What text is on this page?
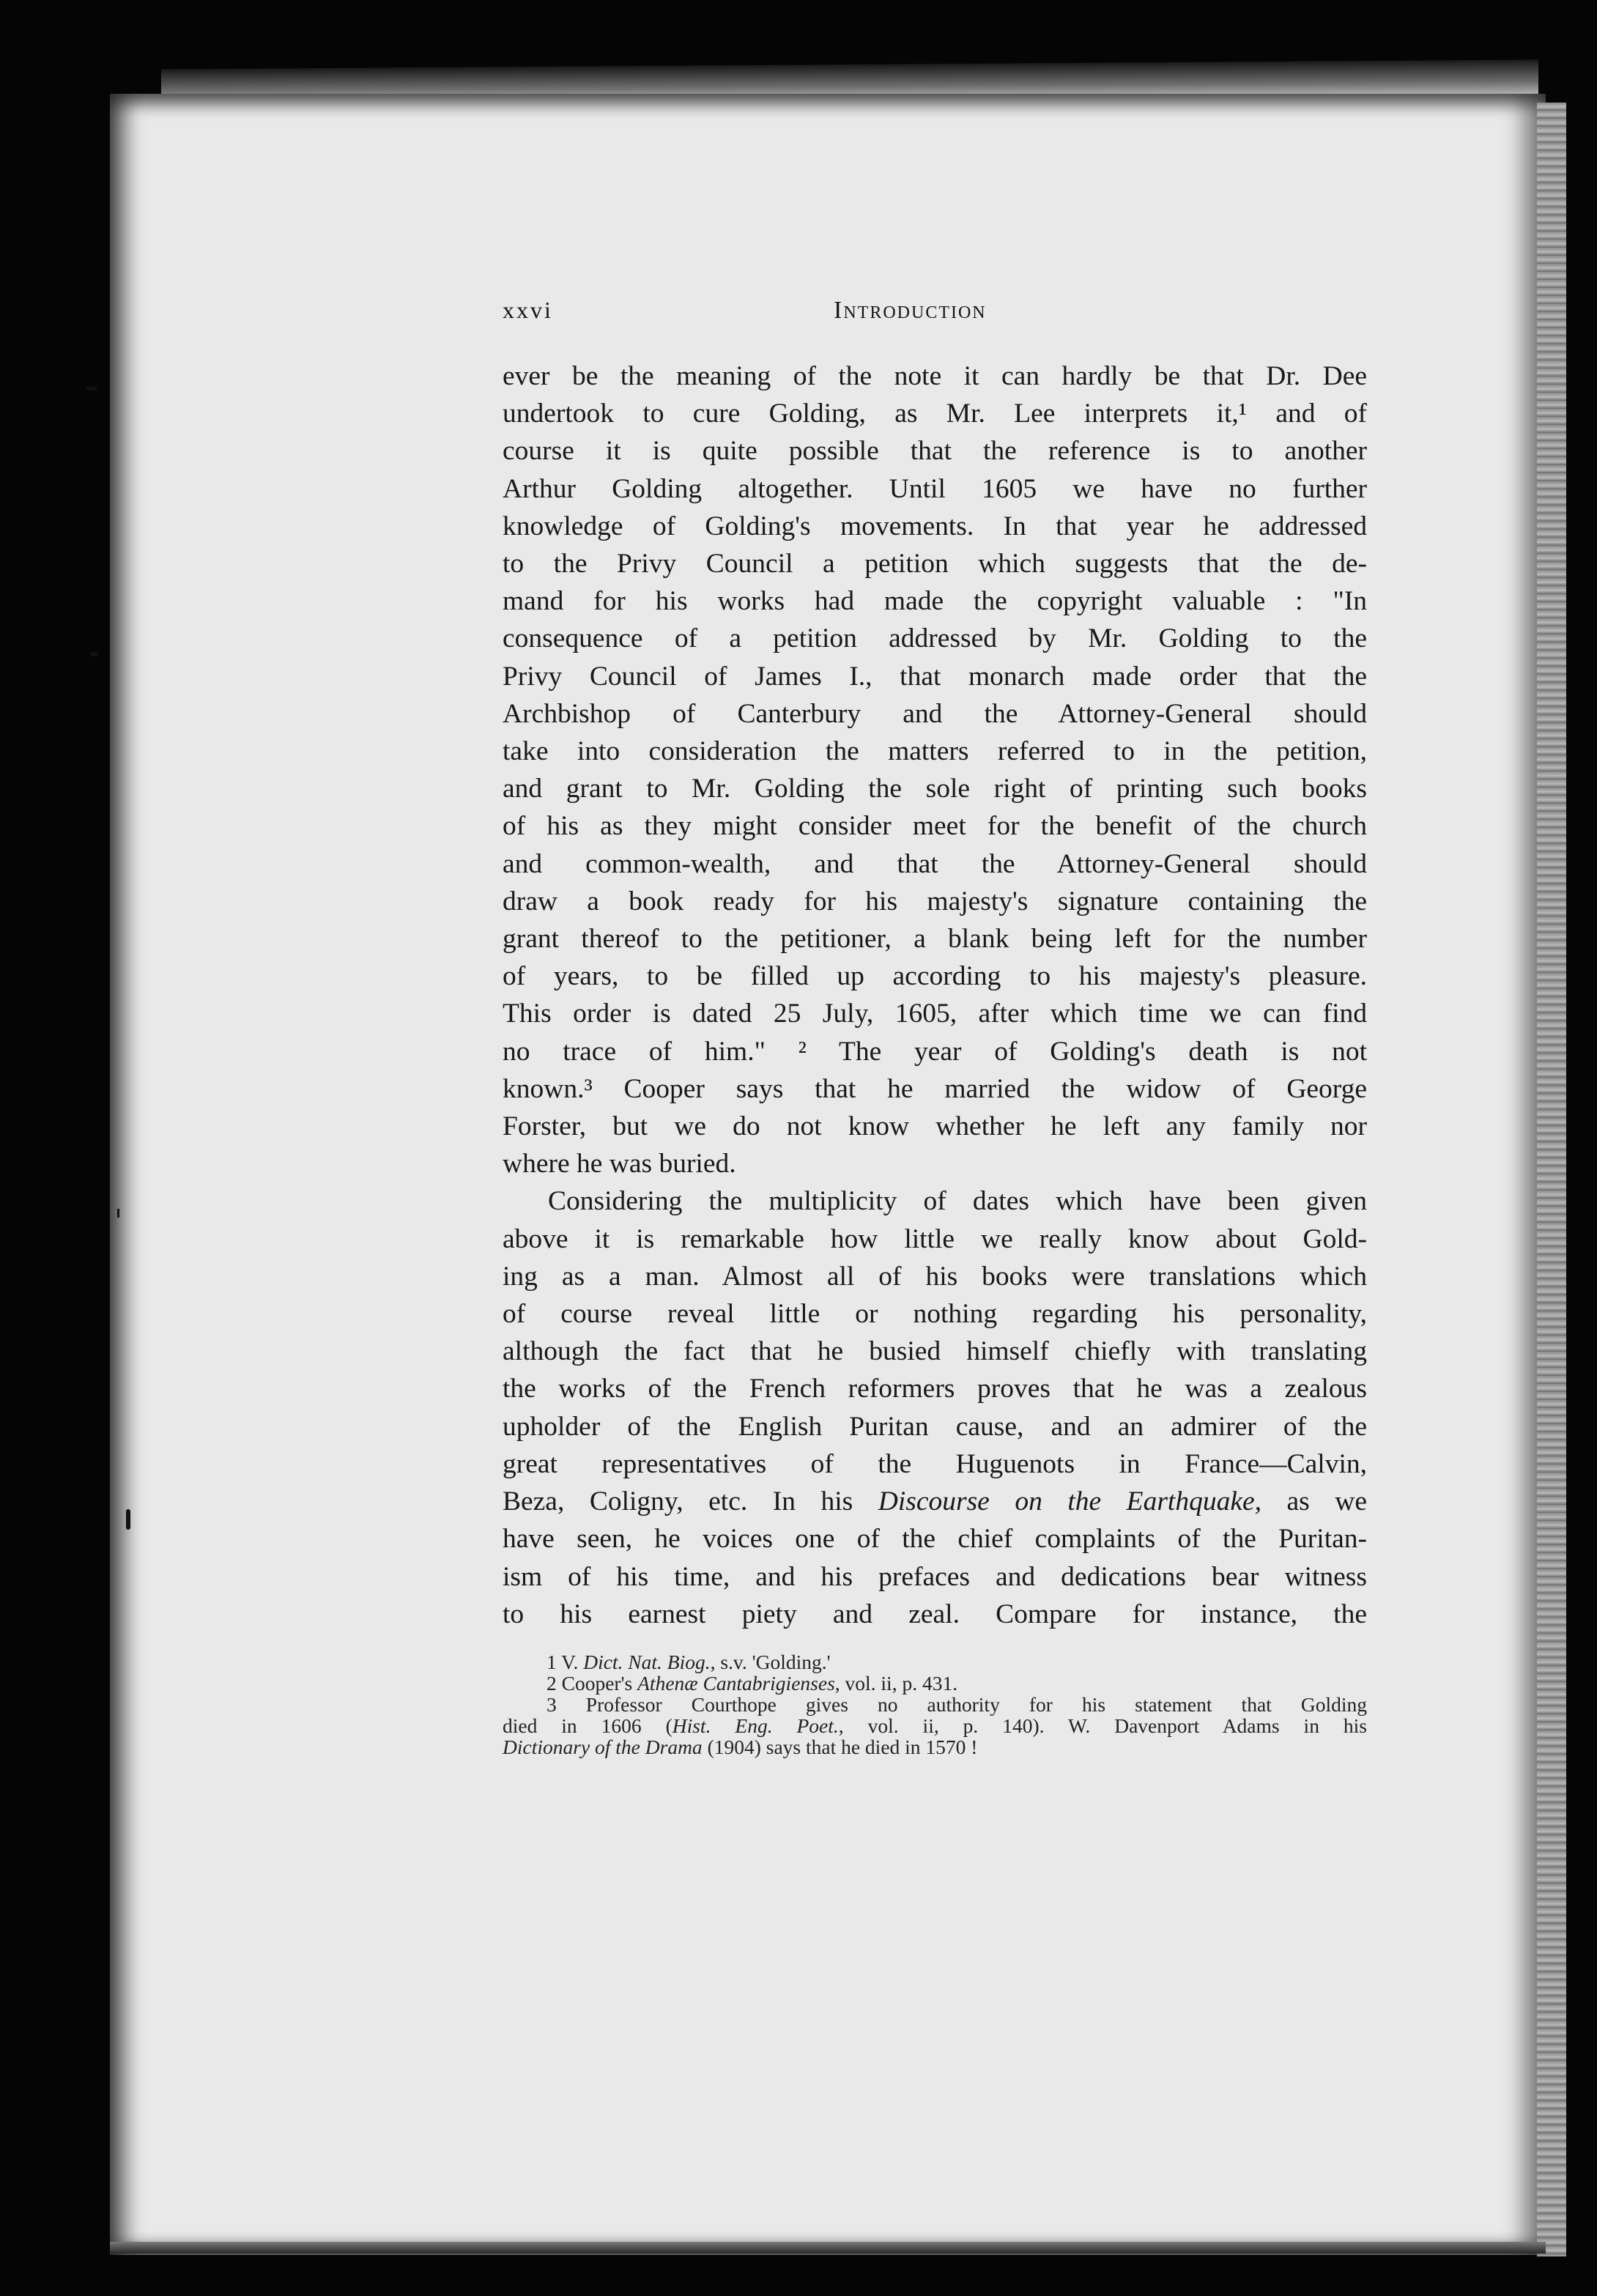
xxvi	Introduction
ever be the meaning of the note it can hardly be that Dr. Dee
undertook to cure Golding, as Mr. Lee interprets it,¹ and of
course it is quite possible that the reference is to another
Arthur Golding altogether. Until 1605 we have no further
knowledge of Golding's movements. In that year he addressed
to the Privy Council a petition which suggests that the de-
mand for his works had made the copyright valuable : "In
consequence of a petition addressed by Mr. Golding to the
Privy Council of James I., that monarch made order that the
Archbishop of Canterbury and the Attorney-General should
take into consideration the matters referred to in the petition,
and grant to Mr. Golding the sole right of printing such books
of his as they might consider meet for the benefit of the church
and common-wealth, and that the Attorney-General should
draw a book ready for his majesty's signature containing the
grant thereof to the petitioner, a blank being left for the number
of years, to be filled up according to his majesty's pleasure.
This order is dated 25 July, 1605, after which time we can find
no trace of him." ² The year of Golding's death is not
known.³ Cooper says that he married the widow of George
Forster, but we do not know whether he left any family nor
where he was buried.
Considering the multiplicity of dates which have been given
above it is remarkable how little we really know about Gold-
ing as a man. Almost all of his books were translations which
of course reveal little or nothing regarding his personality,
although the fact that he busied himself chiefly with translating
the works of the French reformers proves that he was a zealous
upholder of the English Puritan cause, and an admirer of the
great representatives of the Huguenots in France—Calvin,
Beza, Coligny, etc. In his Discourse on the Earthquake, as we
have seen, he voices one of the chief complaints of the Puritan-
ism of his time, and his prefaces and dedications bear witness
to his earnest piety and zeal. Compare for instance, the
1 V. Dict. Nat. Biog., s.v. 'Golding.'
2 Cooper's Athenæ Cantabrigienses, vol. ii, p. 431.
3 Professor Courthope gives no authority for his statement that Golding
died in 1606 (Hist. Eng. Poet., vol. ii, p. 140). W. Davenport Adams in his
Dictionary of the Drama (1904) says that he died in 1570 !
